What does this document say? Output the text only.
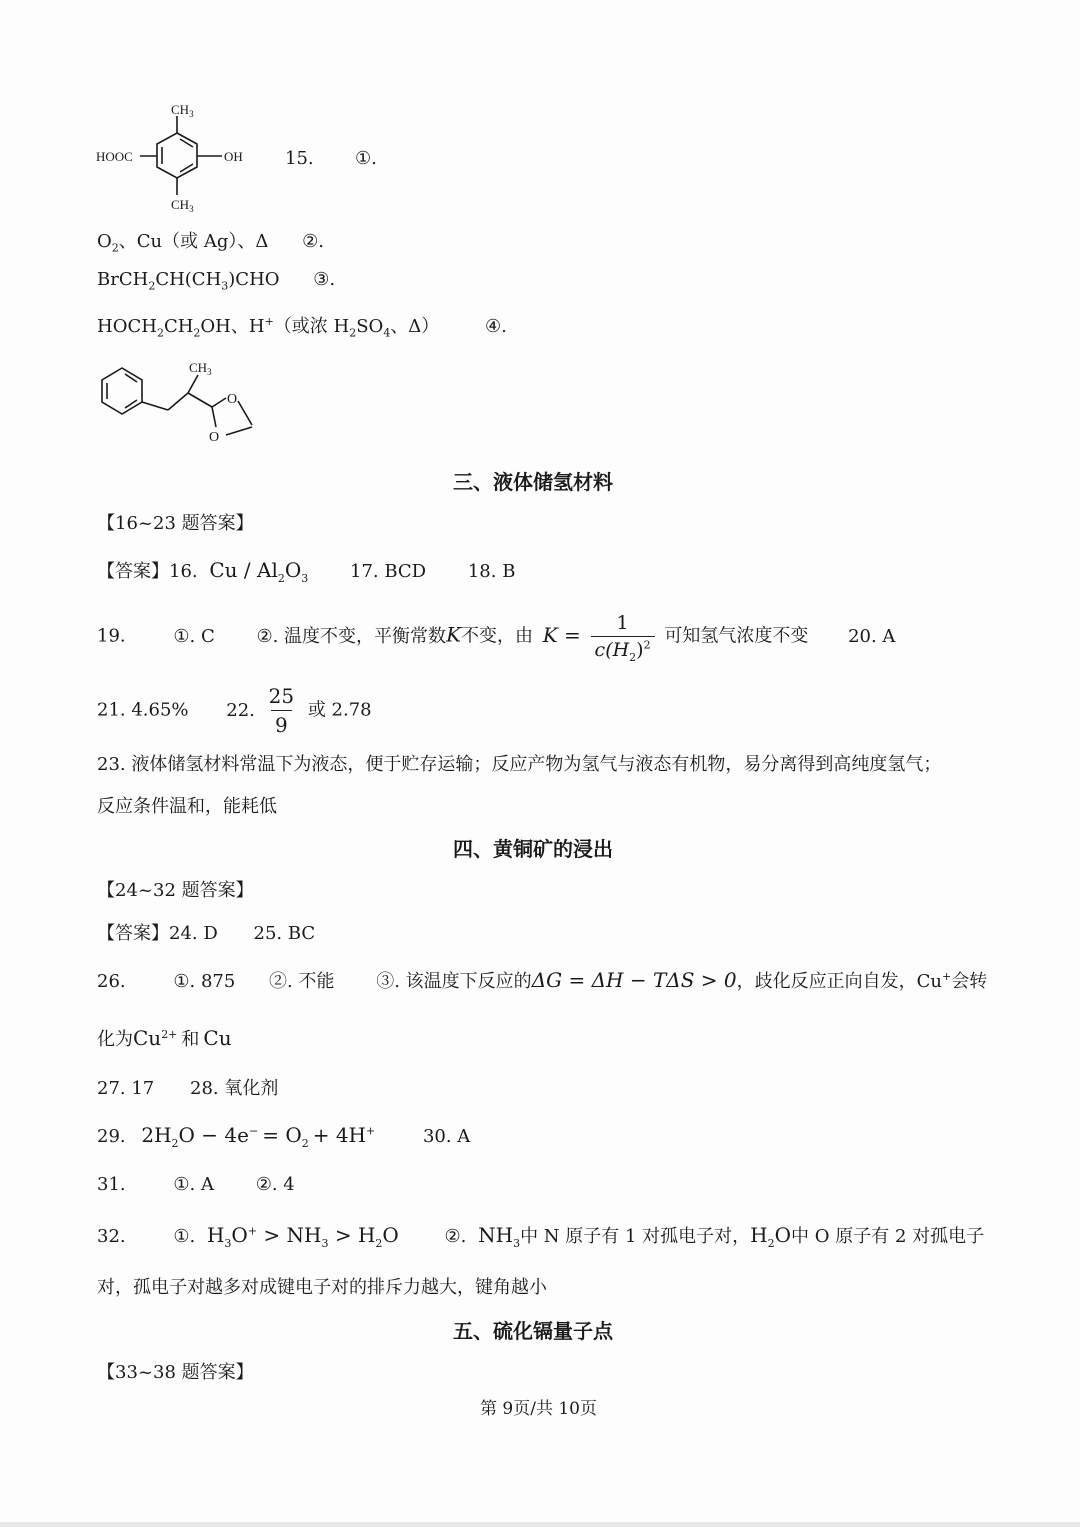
$CH_3$
$CH_3$
HOOC	OH 15. ①.
$O_2$、Cu（或 Ag）、Δ ②.
$BrCH_2CH(CH_3)CHO$ ③.
$HOCH_2CH_2OH$、H+（或浓 $H_2SO_4$、Δ）	④.
$CH_3$
O
O
三、液体储氢材料
【16~23 题答案】
【答案】16. Cu / $Al_2O_3$ 17. BCD 18. B
19.	①. C ②. 温度不变，平衡常数K不变，由 $K = \frac{1}{c(H_2)^2}$ 可知氢气浓度不变 20. A
21. 4.65% 22. $\frac{25}{9}$ 或 2.78
23. 液体储氢材料常温下为液态，便于贮存运输；反应产物为氢气与液态有机物，易分离得到高纯度氢气；
反应条件温和，能耗低
四、黄铜矿的浸出
【24~32 题答案】
【答案】24. D 25. BC
26.	①. 875 ②. 不能 ③. 该温度下反应的ΔG = ΔH − TΔS > 0，歧化反应正向自发，Cu+会转
化为$Cu^{2+}$ 和 Cu
27. 17 28. 氧化剂
29. $2H_2O - 4e^- = O_2 + 4H^+$	30. A
31.	①. A ②. 4
32.	①. $H_3O^+ > NH_3 > H_2O$	②. $NH_3$中 N 原子有 1 对孤电子对，$H_2O$中 O 原子有 2 对孤电子
对，孤电子对越多对成键电子对的排斥力越大，键角越小
五、硫化镉量子点
【33~38 题答案】
第 9页/共 10页
